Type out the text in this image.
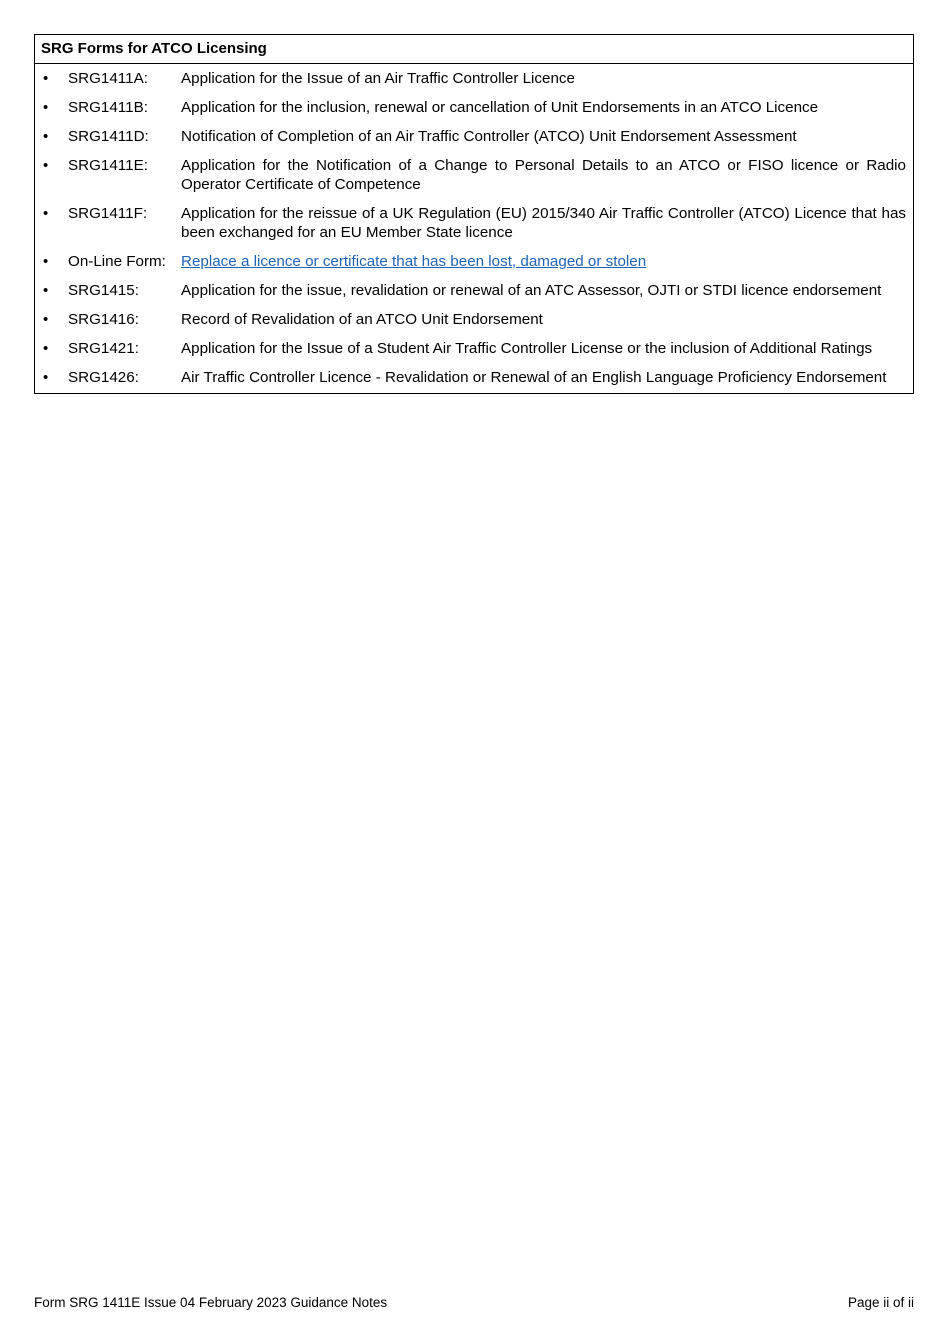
SRG Forms for ATCO Licensing
•	SRG1411A:	Application for the Issue of an Air Traffic Controller Licence
•	SRG1411B:	Application for the inclusion, renewal or cancellation of Unit Endorsements in an ATCO Licence
•	SRG1411D:	Notification of Completion of an Air Traffic Controller (ATCO) Unit Endorsement Assessment
•	SRG1411E:	Application for the Notification of a Change to Personal Details to an ATCO or FISO licence or Radio Operator Certificate of Competence
•	SRG1411F:	Application for the reissue of a UK Regulation (EU) 2015/340 Air Traffic Controller (ATCO) Licence that has been exchanged for an EU Member State licence
•	On-Line Form: Replace a licence or certificate that has been lost, damaged or stolen
•	SRG1415:	Application for the issue, revalidation or renewal of an ATC Assessor, OJTI or STDI licence endorsement
•	SRG1416:	Record of Revalidation of an ATCO Unit Endorsement
•	SRG1421:	Application for the Issue of a Student Air Traffic Controller License or the inclusion of Additional Ratings
•	SRG1426:	Air Traffic Controller Licence - Revalidation or Renewal of an English Language Proficiency Endorsement
Form SRG 1411E Issue 04 February 2023 Guidance Notes	Page ii of ii
